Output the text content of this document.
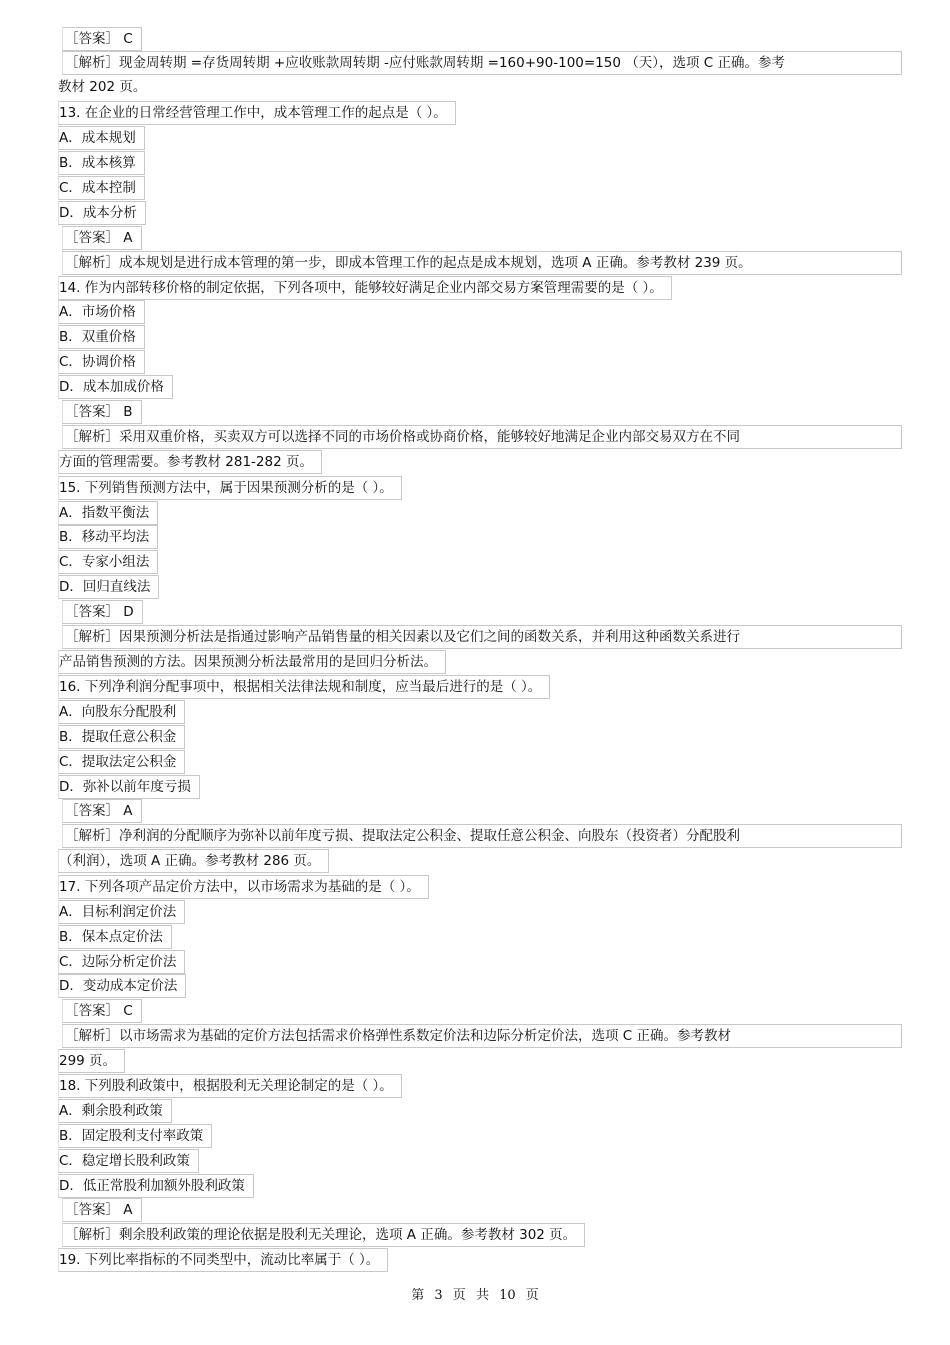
［答案］ C
［解析］现金周转期 =存货周转期 +应收账款周转期 -应付账款周转期 =160+90-100=150 （天），选项 C 正确。参考
教材 202 页。
13. 在企业的日常经营管理工作中，成本管理工作的起点是（ ）。
A．成本规划
B．成本核算
C．成本控制
D．成本分析
［答案］ A
［解析］成本规划是进行成本管理的第一步，即成本管理工作的起点是成本规划，选项 A 正确。参考教材 239 页。
14. 作为内部转移价格的制定依据，下列各项中，能够较好满足企业内部交易方案管理需要的是（ ）。
A．市场价格
B．双重价格
C．协调价格
D．成本加成价格
［答案］ B
［解析］采用双重价格，买卖双方可以选择不同的市场价格或协商价格，能够较好地满足企业内部交易双方在不同
方面的管理需要。参考教材 281-282 页。
15. 下列销售预测方法中，属于因果预测分析的是（ ）。
A．指数平衡法
B．移动平均法
C．专家小组法
D．回归直线法
［答案］ D
［解析］因果预测分析法是指通过影响产品销售量的相关因素以及它们之间的函数关系，并利用这种函数关系进行
产品销售预测的方法。因果预测分析法最常用的是回归分析法。
16. 下列净利润分配事项中，根据相关法律法规和制度，应当最后进行的是（ ）。
A．向股东分配股利
B．提取任意公积金
C．提取法定公积金
D．弥补以前年度亏损
［答案］ A
［解析］净利润的分配顺序为弥补以前年度亏损、提取法定公积金、提取任意公积金、向股东（投资者）分配股利
（利润），选项 A 正确。参考教材 286 页。
17. 下列各项产品定价方法中，以市场需求为基础的是（ ）。
A．目标利润定价法
B．保本点定价法
C．边际分析定价法
D．变动成本定价法
［答案］ C
［解析］以市场需求为基础的定价方法包括需求价格弹性系数定价法和边际分析定价法，选项 C 正确。参考教材
299 页。
18. 下列股利政策中，根据股利无关理论制定的是（ ）。
A．剩余股利政策
B．固定股利支付率政策
C．稳定增长股利政策
D．低正常股利加额外股利政策
［答案］ A
［解析］剩余股利政策的理论依据是股利无关理论，选项 A 正确。参考教材 302 页。
19. 下列比率指标的不同类型中，流动比率属于（ ）。
第 3 页 共 10 页
